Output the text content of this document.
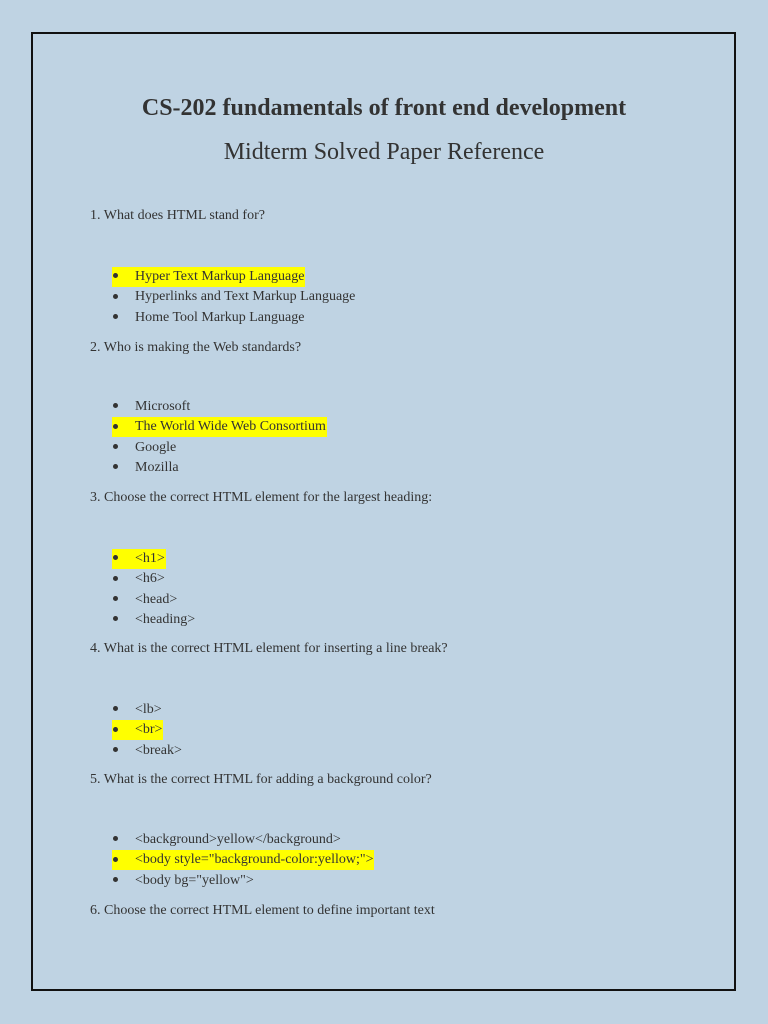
CS-202 fundamentals of front end development
Midterm Solved Paper Reference

1. What does HTML stand for?

Hyper Text Markup Language
Hyperlinks and Text Markup Language
Home Tool Markup Language

2. Who is making the Web standards?

Microsoft
The World Wide Web Consortium
Google
Mozilla

3. Choose the correct HTML element for the largest heading:

<h1>
<h6>
<head>
<heading>

4. What is the correct HTML element for inserting a line break?

<lb>
<br>
<break>

5. What is the correct HTML for adding a background color?

<background>yellow</background>
<body style="background-color:yellow;">
<body bg="yellow">

6. Choose the correct HTML element to define important text
